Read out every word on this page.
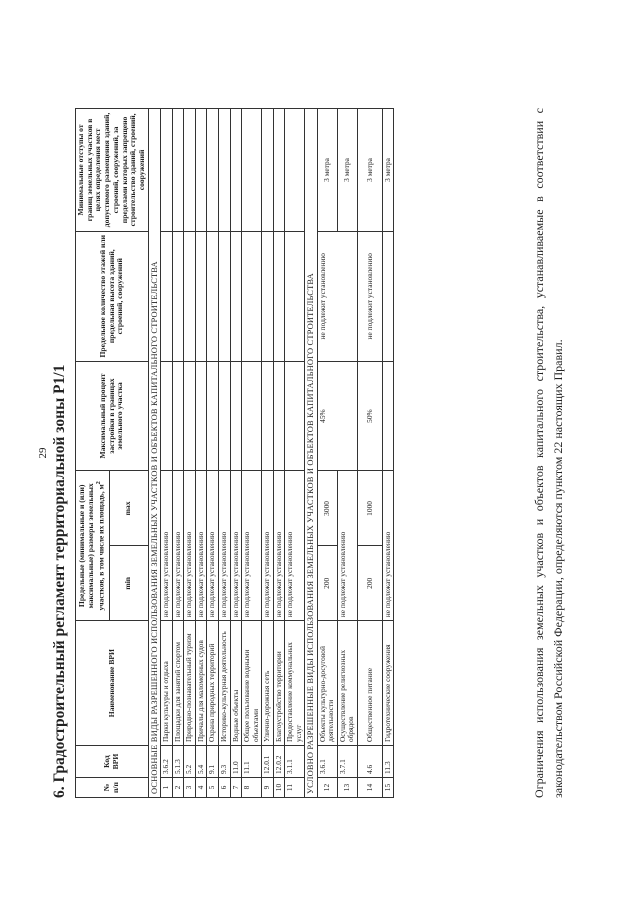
29 6. Градостроительный регламент территориальной зоны Р1/1	№ п/п	Код ВРИ	Наименование ВРИ	Предельные (минимальные и (или) максимальные) размеры земельных участков, в том числе их площадь, $м^2$		Максимальный процент застройки в границах земельного участка	Предельное количество этажей или предельная высота зданий, строений, сооружений	Минимальные отступы от границ земельных участков в целях определения мест допустимого размещения зданий, строений, сооружений, за пределами которых запрещено строительство зданий, строений, сооружений
			min	max			
ОСНОВНЫЕ ВИДЫ РАЗРЕШЕННОГО ИСПОЛЬЗОВАНИЯ ЗЕМЕЛЬНЫХ УЧАСТКОВ И ОБЪЕКТОВ КАПИТАЛЬНОГО СТРОИТЕЛЬСТВА							
1	3.6.2	Парки культуры и отдыха	не подлежат установлению				
2	5.1.3	Площадки для занятий спортом	не подлежат установлению				
3	5.2	Природно-познавательный туризм	не подлежат установлению				
4	5.4	Причалы для маломерных судов	не подлежат установлению				
5	9.1	Охрана природных территорий	не подлежат установлению				
6	9.3	Историко-культурная деятельность	не подлежат установлению				
7	11.0	Водные объекты	не подлежат установлению				
8	11.1	Общее пользование водными объектами	не подлежат установлению				
9	12.0.1	Улично-дорожная сеть	не подлежат установлению				
10	12.0.2	Благоустройство территории	не подлежат установлению				
11	3.1.1	Предоставление коммунальных услуг	не подлежат установлению				
УСЛОВНО РАЗРЕШЕННЫЕ ВИДЫ ИСПОЛЬЗОВАНИЯ ЗЕМЕЛЬНЫХ УЧАСТКОВ И ОБЪЕКТОВ КАПИТАЛЬНОГО СТРОИТЕЛЬСТВА							
12	3.6.1	Объекты культурно-досуговой деятельности	200	3000	45%	не подлежит установлению	3 метра
13	3.7.1	Осуществление религиозных обрядов	не подлежат установлению				3 метра
14	4.6	Общественное питание	200	1000	50%	не подлежит установлению	3 метра
15	11.3	Гидротехнические сооружения	не подлежат установлению				3 метра	Ограничения использования земельных участков и объектов капитального строительства, устанавливаемые в соответствии с законодательством Российской Федерации, определяются пунктом 22 настоящих Правил.
